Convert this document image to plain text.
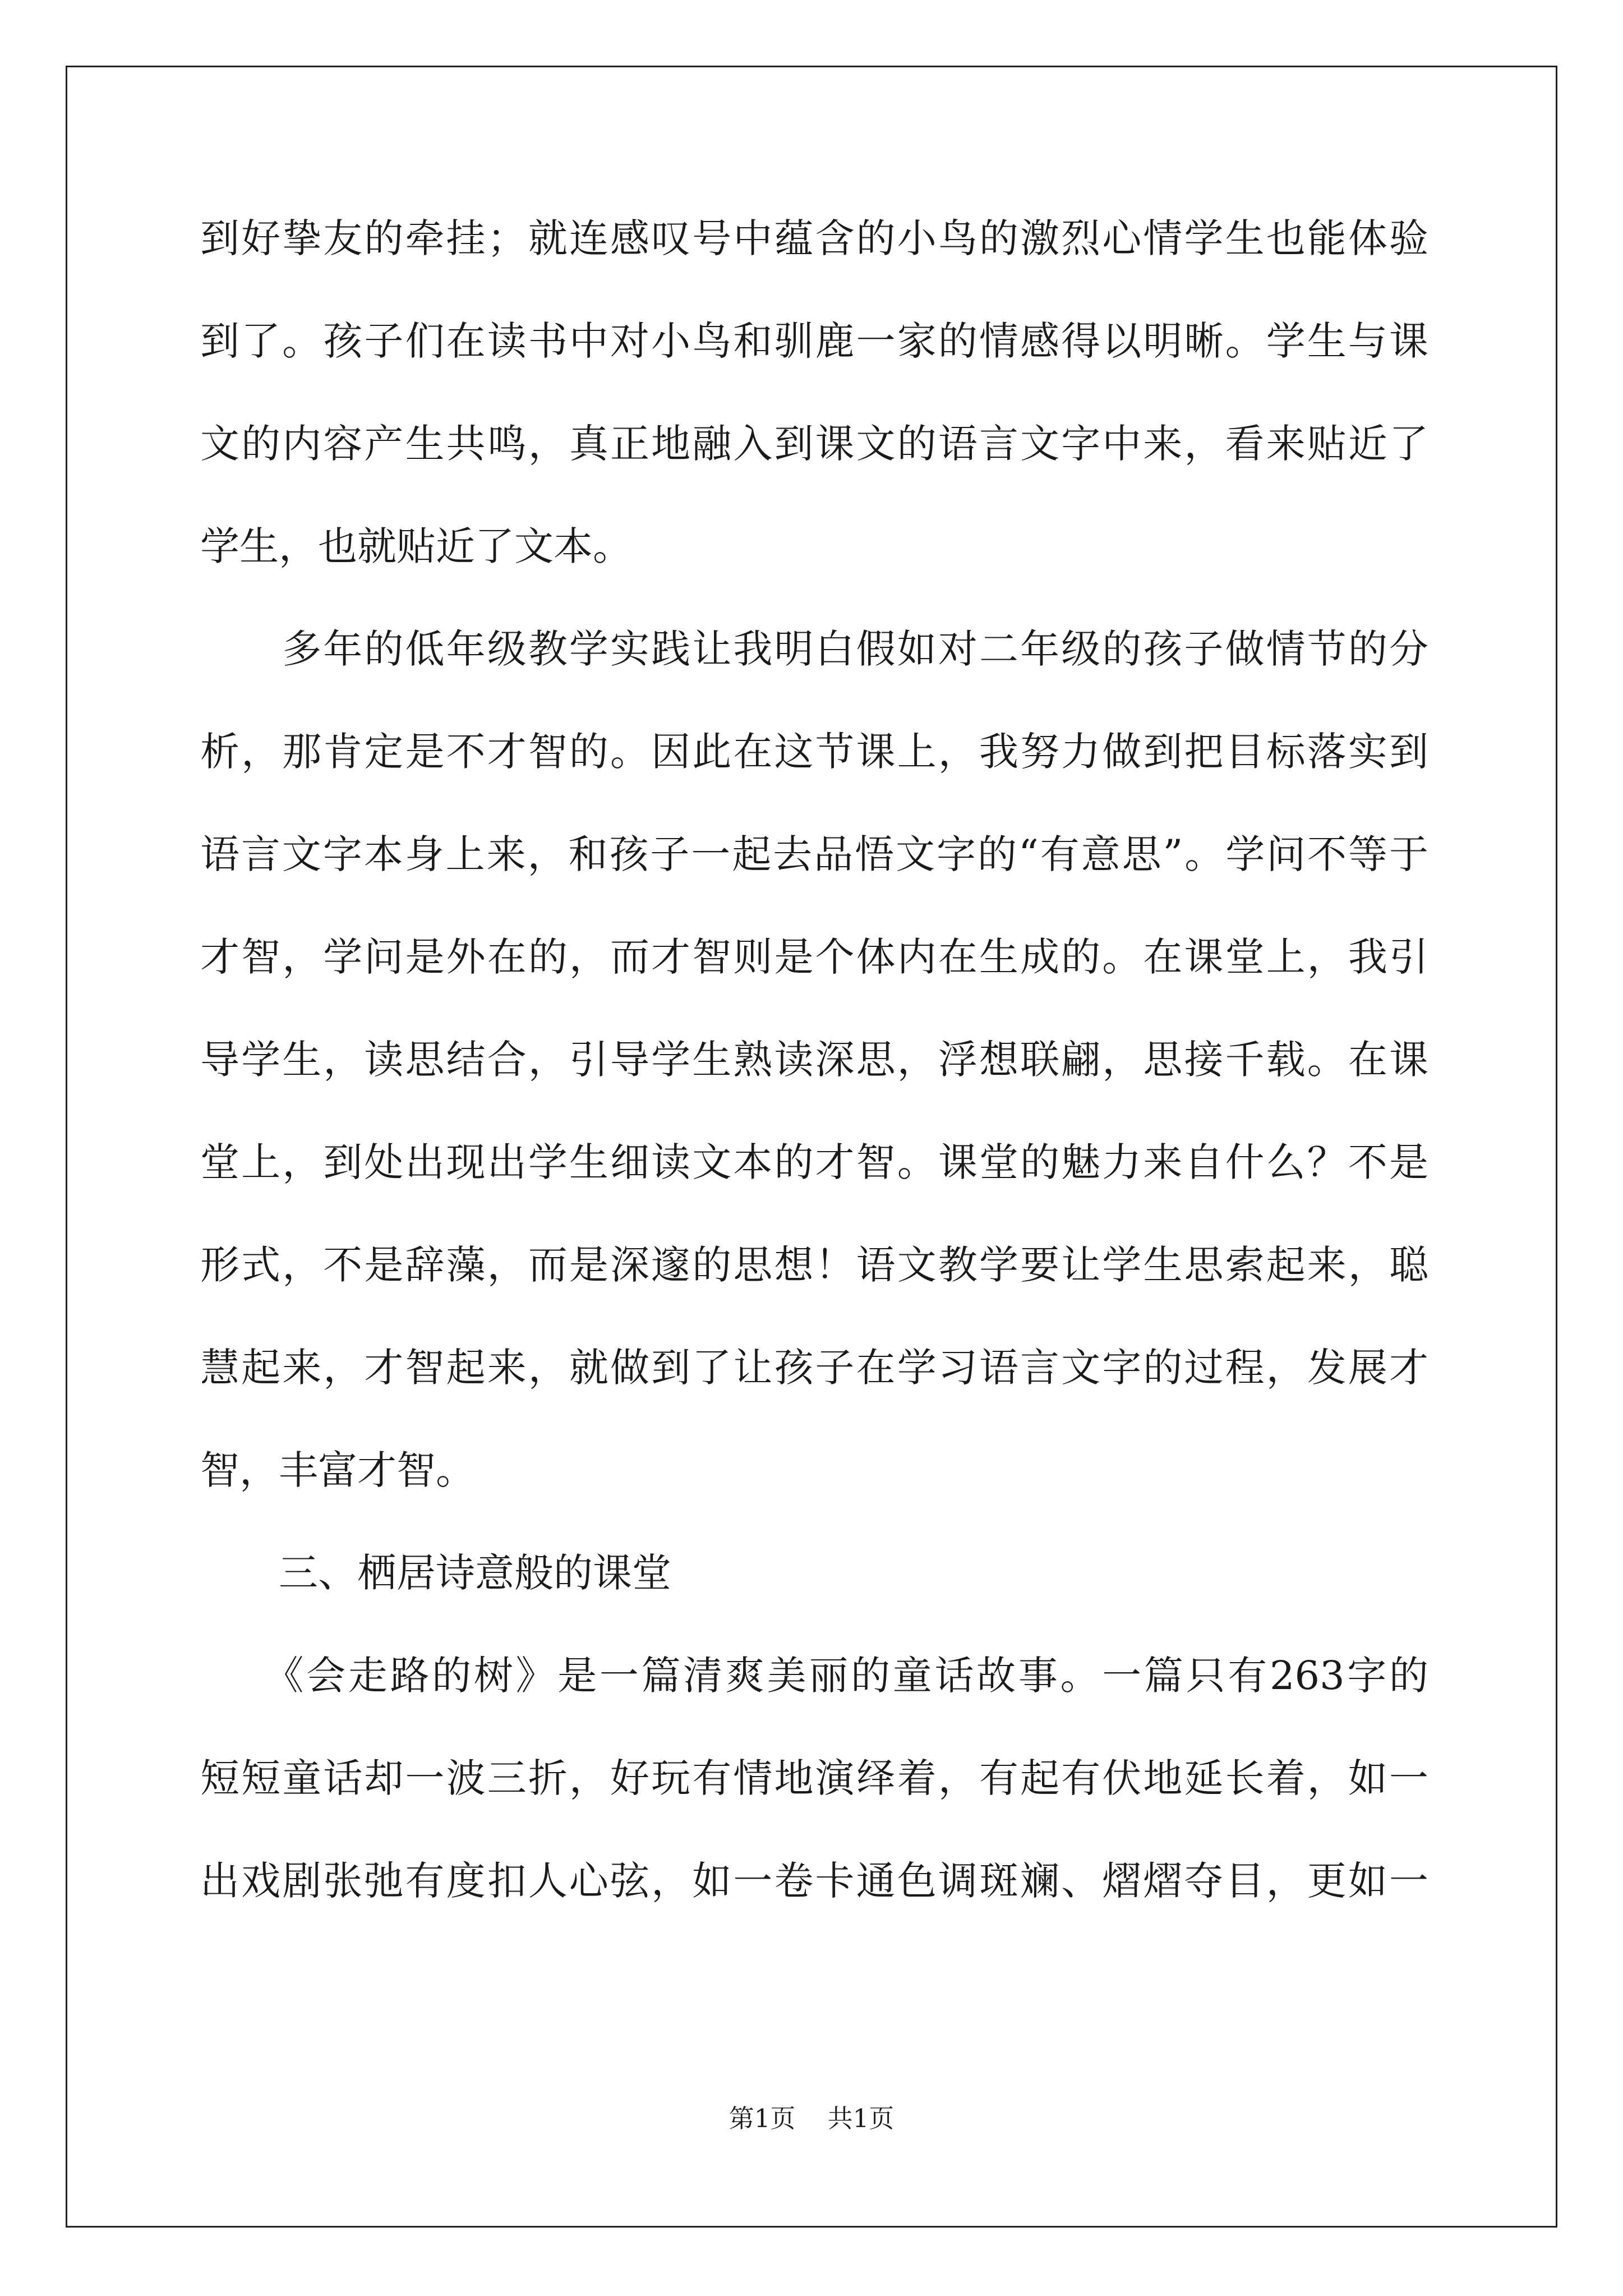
到好挚友的牵挂；就连感叹号中蕴含的小鸟的激烈心情学生也能体验
到了。孩子们在读书中对小鸟和驯鹿一家的情感得以明晰。学生与课
文的内容产生共鸣，真正地融入到课文的语言文字中来，看来贴近了
学生，也就贴近了文本。
　　多年的低年级教学实践让我明白假如对二年级的孩子做情节的分
析，那肯定是不才智的。因此在这节课上，我努力做到把目标落实到
语言文字本身上来，和孩子一起去品悟文字的“有意思”。学问不等于
才智，学问是外在的，而才智则是个体内在生成的。在课堂上，我引
导学生，读思结合，引导学生熟读深思，浮想联翩，思接千载。在课
堂上，到处出现出学生细读文本的才智。课堂的魅力来自什么？不是
形式，不是辞藻，而是深邃的思想！语文教学要让学生思索起来，聪
慧起来，才智起来，就做到了让孩子在学习语言文字的过程，发展才
智，丰富才智。
　　三、栖居诗意般的课堂
　　《会走路的树》是一篇清爽美丽的童话故事。一篇只有263字的
短短童话却一波三折，好玩有情地演绎着，有起有伏地延长着，如一
出戏剧张弛有度扣人心弦，如一卷卡通色调斑斓、熠熠夺目，更如一
第1页 共1页
